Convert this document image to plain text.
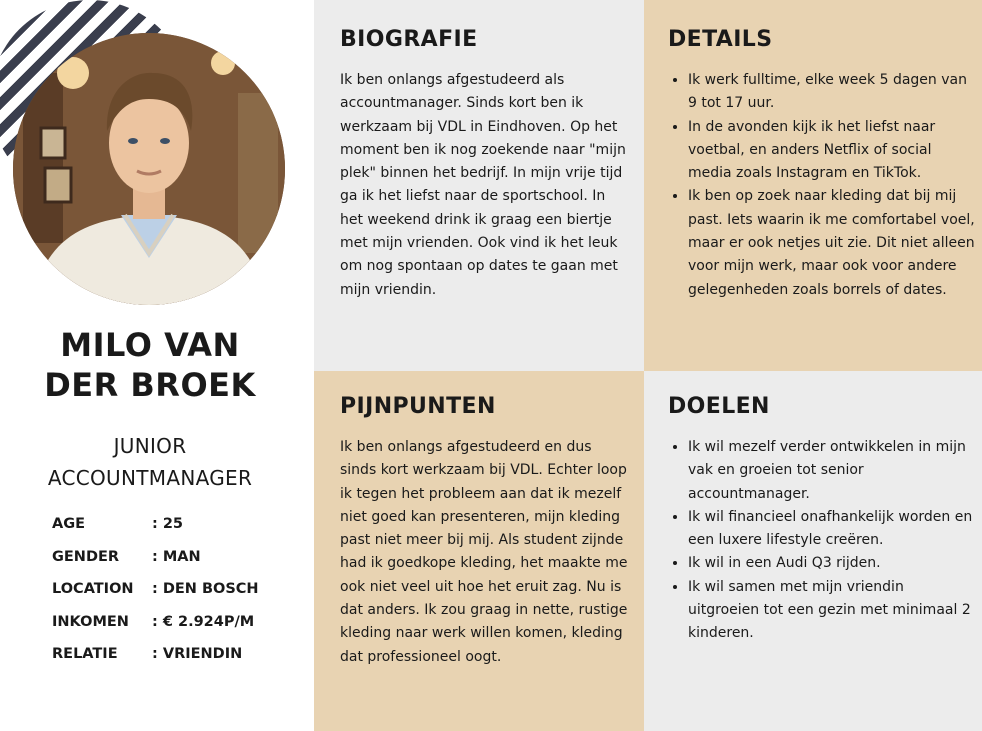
MILO VAN
DER BROEK
JUNIOR
ACCOUNTMANAGER
AGE	: 25
GENDER : MAN
LOCATION : DEN BOSCH
INKOMEN : € 2.924P/M
RELATIE : VRIENDIN
BIOGRAFIE

Ik ben onlangs afgestudeerd als accountmanager. Sinds kort ben ik werkzaam bij VDL in Eindhoven. Op het moment ben ik nog zoekende naar "mijn plek" binnen het bedrijf. In mijn vrije tijd ga ik het liefst naar de sportschool. In het weekend drink ik graag een biertje met mijn vrienden. Ook vind ik het leuk om nog spontaan op dates te gaan met mijn vriendin.

DETAILS
• Ik werk fulltime, elke week 5 dagen van 9 tot 17 uur.
• In de avonden kijk ik het liefst naar voetbal, en anders Netflix of social media zoals Instagram en TikTok.
• Ik ben op zoek naar kleding dat bij mij past. Iets waarin ik me comfortabel voel, maar er ook netjes uit zie. Dit niet alleen voor mijn werk, maar ook voor andere gelegenheden zoals borrels of dates.
PIJNPUNTEN

Ik ben onlangs afgestudeerd en dus sinds kort werkzaam bij VDL. Echter loop ik tegen het probleem aan dat ik mezelf niet goed kan presenteren, mijn kleding past niet meer bij mij. Als student zijnde had ik goedkope kleding, het maakte me ook niet veel uit hoe het eruit zag. Nu is dat anders. Ik zou graag in nette, rustige kleding naar werk willen komen, kleding dat professioneel oogt.

DOELEN
• Ik wil mezelf verder ontwikkelen in mijn vak en groeien tot senior accountmanager.
• Ik wil financieel onafhankelijk worden en een luxere lifestyle creëren.
• Ik wil in een Audi Q3 rijden.
• Ik wil samen met mijn vriendin uitgroeien tot een gezin met minimaal 2 kinderen.
